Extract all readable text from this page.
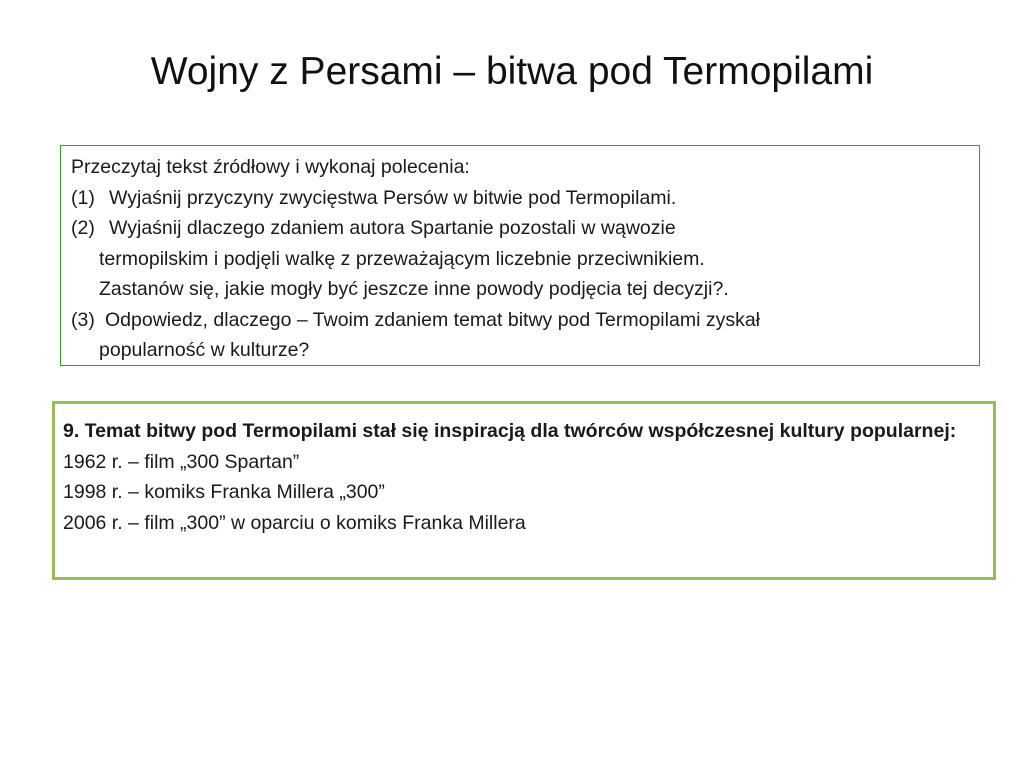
Wojny z Persami – bitwa pod Termopilami

Przeczytaj tekst źródłowy i wykonaj polecenia:

(1) Wyjaśnij przyczyny zwycięstwa Persów w bitwie pod Termopilami.
(2) Wyjaśnij dlaczego zdaniem autora Spartanie pozostali w wąwozie

termopilskim i podjęli walkę z przeważającym liczebnie przeciwnikiem.

Zastanów się, jakie mogły być jeszcze inne powody podjęcia tej decyzji?.

(3) Odpowiedz, dlaczego – Twoim zdaniem temat bitwy pod Termopilami zyskał

popularność w kulturze?

9. Temat bitwy pod Termopilami stał się inspiracją dla twórców współczesnej kultury popularnej:

1962 r. – film „300 Spartan”

1998 r. – komiks Franka Millera „300”

2006 r. – film „300” w oparciu o komiks Franka Millera
